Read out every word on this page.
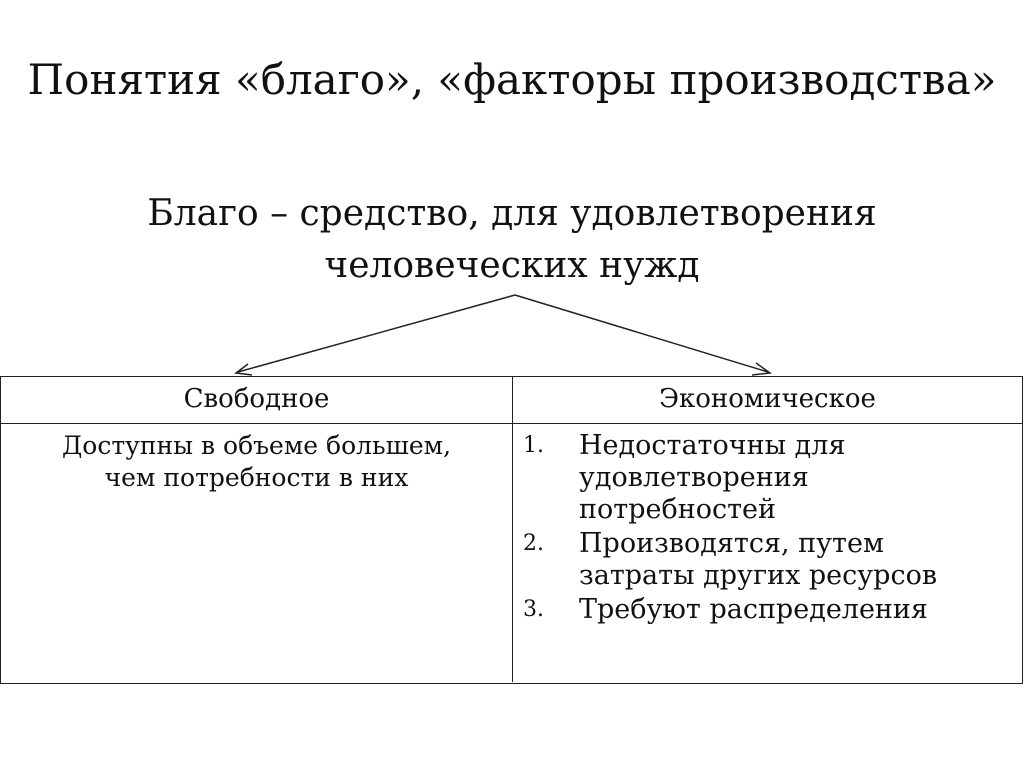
Понятия «благо», «факторы производства»
Благо – средство, для удовлетворения
человеческих нужд
Свободное	Экономическое
Доступны в объеме большем,
чем потребности в них
1. Недостаточны для
удовлетворения
потребностей
2. Производятся, путем
затраты других ресурсов
3. Требуют распределения
